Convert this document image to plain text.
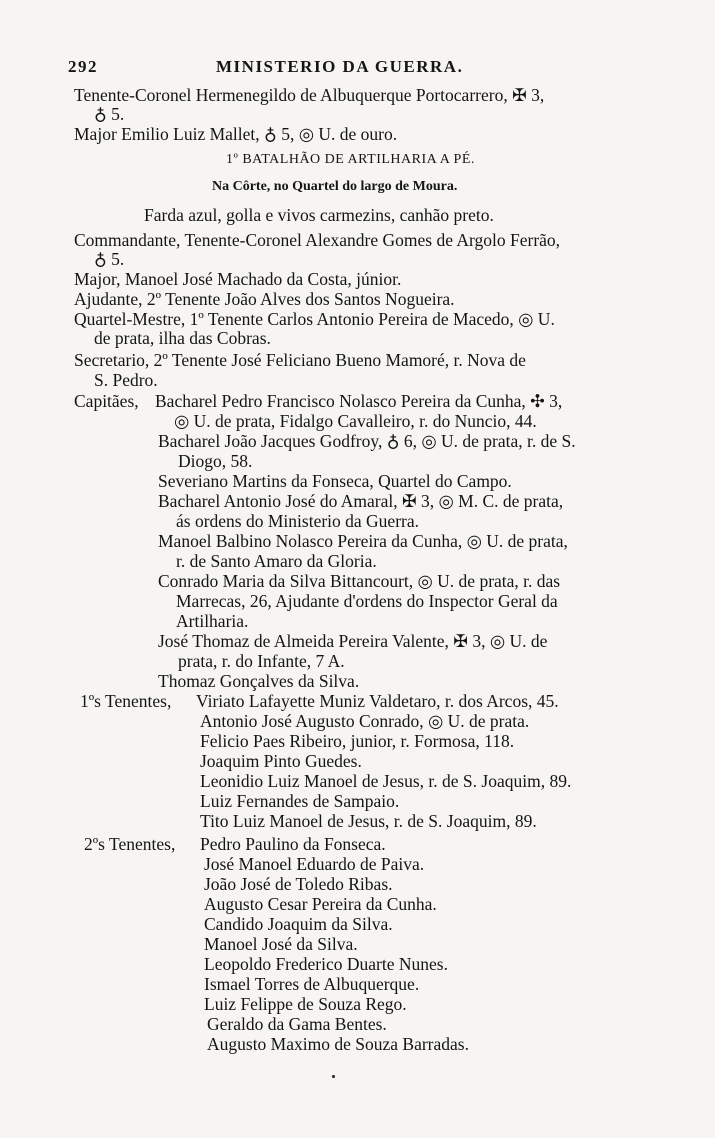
292	MINISTERIO DA GUERRA.
Tenente-Coronel Hermenegildo de Albuquerque Portocarrero, ✠ 3,
♁ 5.
Major Emilio Luiz Mallet, ♁ 5, ◎ U. de ouro.
1º BATALHÃO DE ARTILHARIA A PÉ.
Na Côrte, no Quartel do largo de Moura.
Farda azul, golla e vivos carmezins, canhão preto.
Commandante, Tenente-Coronel Alexandre Gomes de Argolo Ferrão,
♁ 5.
Major, Manoel José Machado da Costa, júnior.
Ajudante, 2º Tenente João Alves dos Santos Nogueira.
Quartel-Mestre, 1º Tenente Carlos Antonio Pereira de Macedo, ◎ U.
de prata, ilha das Cobras.
Secretario, 2º Tenente José Feliciano Bueno Mamoré, r. Nova de
S. Pedro.
Capitães, Bacharel Pedro Francisco Nolasco Pereira da Cunha, ✣ 3,
◎ U. de prata, Fidalgo Cavalleiro, r. do Nuncio, 44.
Bacharel João Jacques Godfroy, ♁ 6, ◎ U. de prata, r. de S.
Diogo, 58.
Severiano Martins da Fonseca, Quartel do Campo.
Bacharel Antonio José do Amaral, ✠ 3, ◎ M. C. de prata,
ás ordens do Ministerio da Guerra.
Manoel Balbino Nolasco Pereira da Cunha, ◎ U. de prata,
r. de Santo Amaro da Gloria.
Conrado Maria da Silva Bittancourt, ◎ U. de prata, r. das
Marrecas, 26, Ajudante d'ordens do Inspector Geral da
Artilharia.
José Thomaz de Almeida Pereira Valente, ✠ 3, ◎ U. de
prata, r. do Infante, 7 A.
Thomaz Gonçalves da Silva.
1ºs Tenentes, Viriato Lafayette Muniz Valdetaro, r. dos Arcos, 45.
Antonio José Augusto Conrado, ◎ U. de prata.
Felicio Paes Ribeiro, junior, r. Formosa, 118.
Joaquim Pinto Guedes.
Leonidio Luiz Manoel de Jesus, r. de S. Joaquim, 89.
Luiz Fernandes de Sampaio.
Tito Luiz Manoel de Jesus, r. de S. Joaquim, 89.
2ºs Tenentes, Pedro Paulino da Fonseca.
José Manoel Eduardo de Paiva.
João José de Toledo Ribas.
Augusto Cesar Pereira da Cunha.
Candido Joaquim da Silva.
Manoel José da Silva.
Leopoldo Frederico Duarte Nunes.
Ismael Torres de Albuquerque.
Luiz Felippe de Souza Rego.
Geraldo da Gama Bentes.
Augusto Maximo de Souza Barradas.
